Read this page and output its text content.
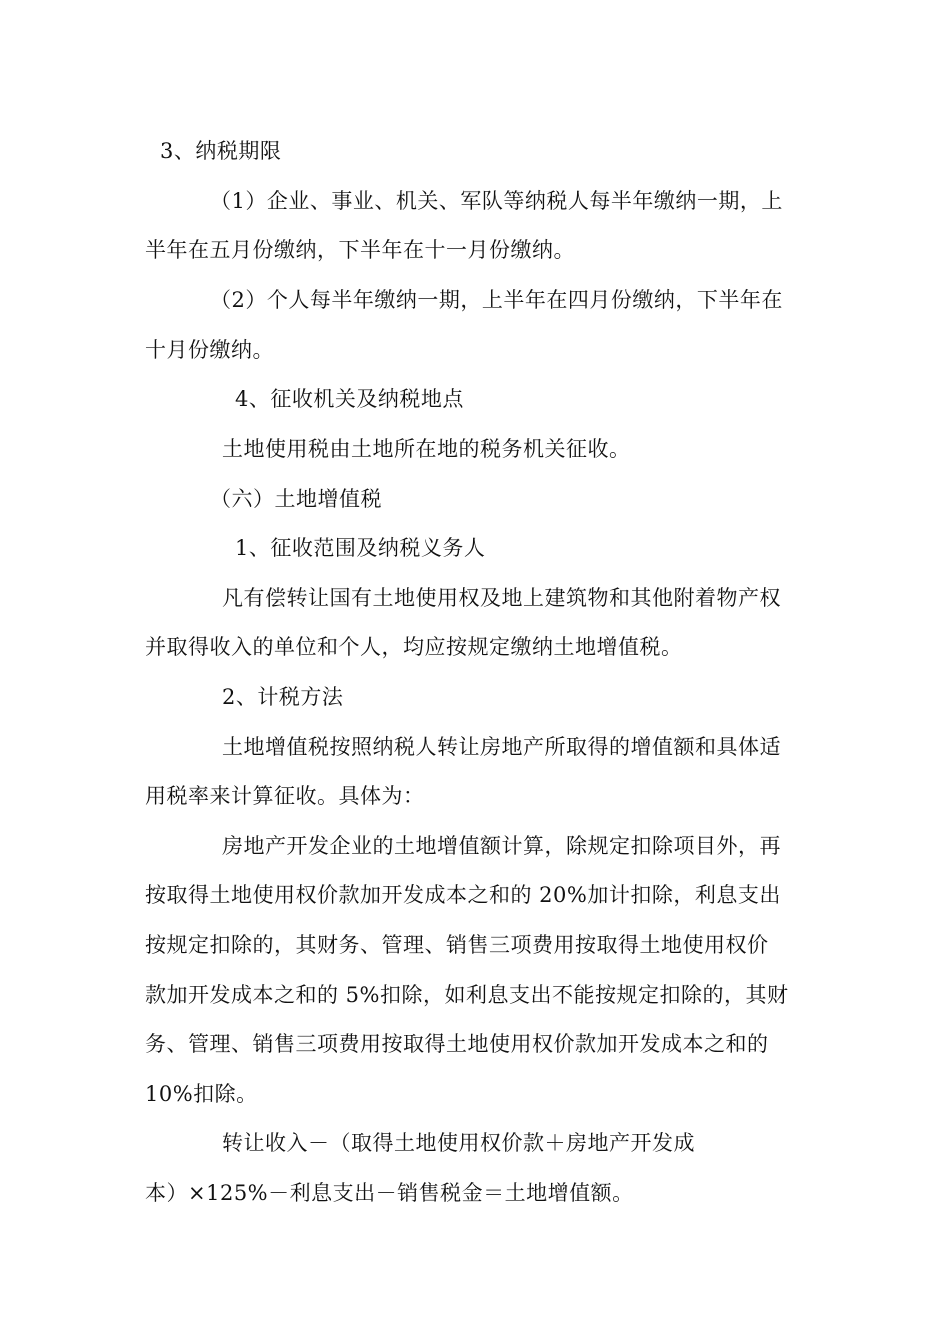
3、纳税期限
（1）企业、事业、机关、军队等纳税人每半年缴纳一期，上
半年在五月份缴纳，下半年在十一月份缴纳。
（2）个人每半年缴纳一期，上半年在四月份缴纳，下半年在
十月份缴纳。
4、征收机关及纳税地点
土地使用税由土地所在地的税务机关征收。
（六）土地增值税
1、征收范围及纳税义务人
凡有偿转让国有土地使用权及地上建筑物和其他附着物产权
并取得收入的单位和个人，均应按规定缴纳土地增值税。
2、计税方法
土地增值税按照纳税人转让房地产所取得的增值额和具体适
用税率来计算征收。具体为：
房地产开发企业的土地增值额计算，除规定扣除项目外，再
按取得土地使用权价款加开发成本之和的 20%加计扣除，利息支出
按规定扣除的，其财务、管理、销售三项费用按取得土地使用权价
款加开发成本之和的 5%扣除，如利息支出不能按规定扣除的，其财
务、管理、销售三项费用按取得土地使用权价款加开发成本之和的
10%扣除。
转让收入－（取得土地使用权价款＋房地产开发成
本）×125%－利息支出－销售税金＝土地增值额。
